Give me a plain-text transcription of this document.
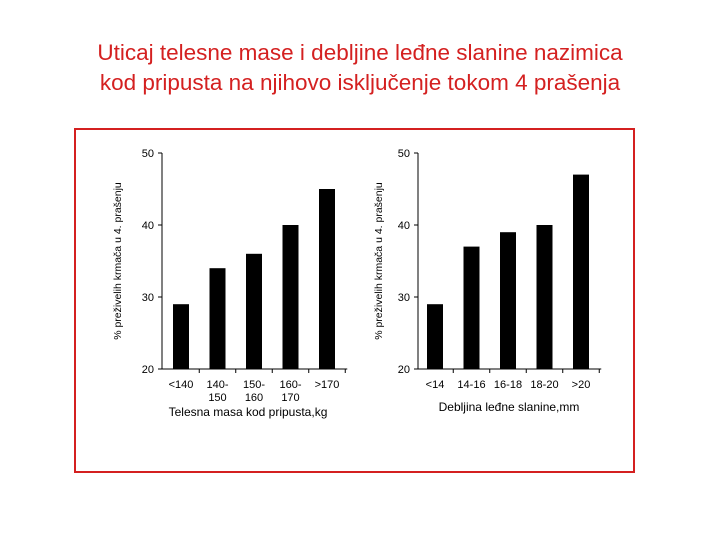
Uticaj telesne mase i debljine leđne slanine nazimica
kod pripusta na njihovo isključenje tokom 4 prašenja
20
30
40
50
<140 140-150
150-160
160-170
>170
% preživelih krmača u 4. prašenju
Telesna masa kod pripusta,kg
20
30
40
50
<14 14-16 16-18 18-20 >20
% preživelih krmača u 4. prašenju
Debljina leđne slanine,mm
